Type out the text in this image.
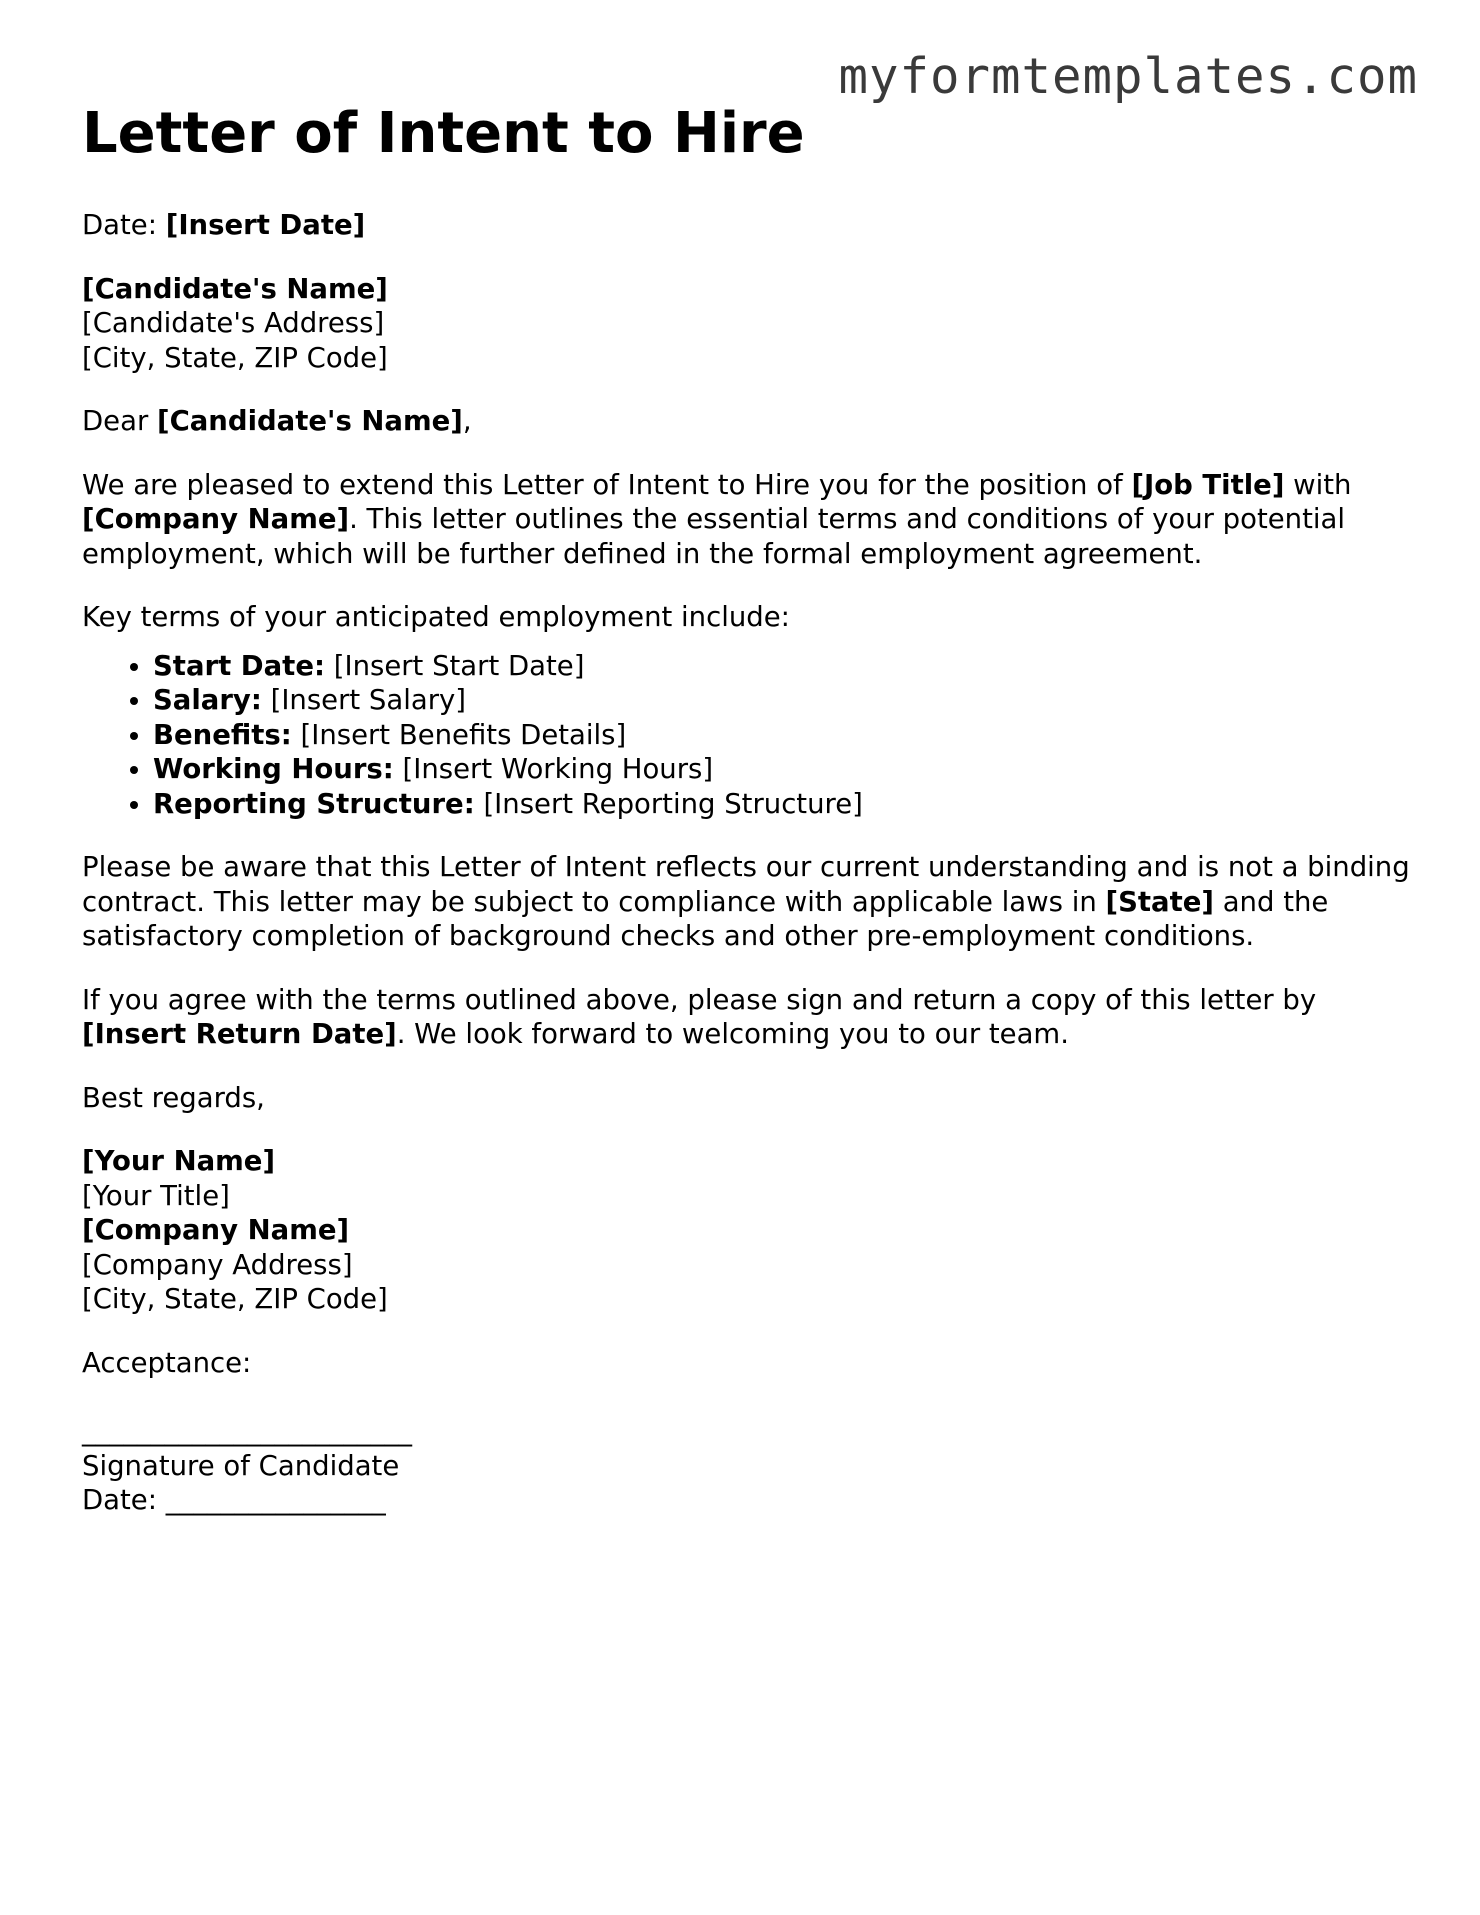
myformtemplates.com
Letter of Intent to Hire

Date: [Insert Date]

[Candidate's Name]
[Candidate's Address]
[City, State, ZIP Code]

Dear [Candidate's Name],

We are pleased to extend this Letter of Intent to Hire you for the position of [Job Title] with [Company Name]. This letter outlines the essential terms and conditions of your potential employment, which will be further defined in the formal employment agreement.

Key terms of your anticipated employment include:

• Start Date: [Insert Start Date]
• Salary: [Insert Salary]
• Benefits: [Insert Benefits Details]
• Working Hours: [Insert Working Hours]
• Reporting Structure: [Insert Reporting Structure]

Please be aware that this Letter of Intent reflects our current understanding and is not a binding contract. This letter may be subject to compliance with applicable laws in [State] and the satisfactory completion of background checks and other pre-employment conditions.

If you agree with the terms outlined above, please sign and return a copy of this letter by [Insert Return Date]. We look forward to welcoming you to our team.

Best regards,

[Your Name]
[Your Title]
[Company Name]
[Company Address]
[City, State, ZIP Code]
Acceptance:
________________________
Signature of Candidate
Date: ________________
